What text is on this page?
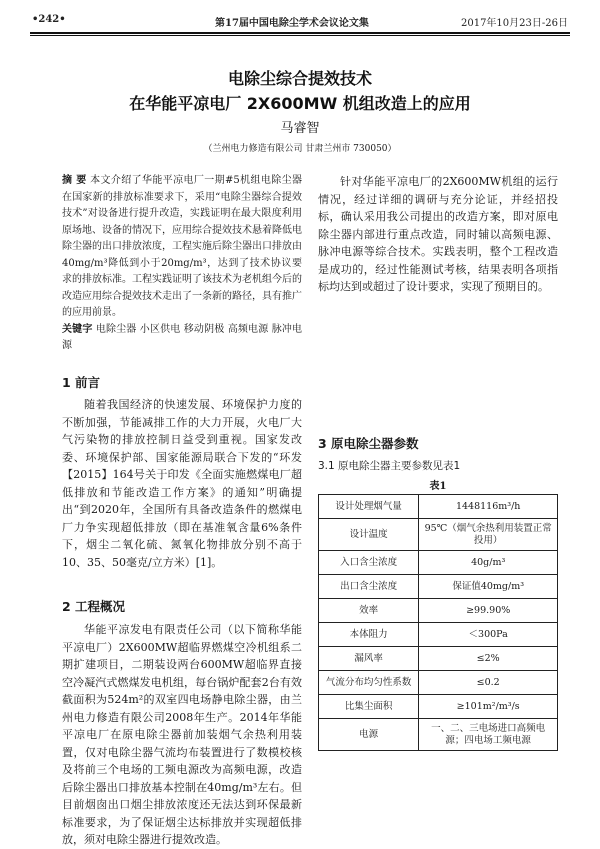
•242•	第17届中国电除尘学术会议论文集	2017年10月23日-26日
电除尘综合提效技术
在华能平凉电厂 2X600MW 机组改造上的应用
马睿智
（兰州电力修造有限公司 甘肃兰州市 730050）

摘 要 本文介绍了华能平凉电厂一期#5机组电除尘器在国家新的排放标准要求下，采用“电除尘器综合提效技术”对设备进行提升改造，实践证明在最大限度利用原场地、设备的情况下，应用综合提效技术悬着降低电除尘器的出口排放浓度，工程实施后除尘器出口排放由40mg/m³降低到小于20mg/m³，达到了技术协议要求的排放标准。工程实践证明了该技术为老机组今后的改造应用综合提效技术走出了一条新的路径，具有推广的应用前景。

关键字 电除尘器 小区供电 移动阴极 高频电源 脉冲电源

1 前言

随着我国经济的快速发展、环境保护力度的不断加强，节能减排工作的大力开展，火电厂大气污染物的排放控制日益受到重视。国家发改委、环境保护部、国家能源局联合下发的“环发【2015】164号关于印发《全面实施燃煤电厂超低排放和节能改造工作方案》的通知”明确提出“到2020年，全国所有具备改造条件的燃煤电厂力争实现超低排放（即在基准氧含量6%条件下，烟尘二氧化硫、氮氧化物排放分别不高于10、35、50毫克/立方米）[1]。

2 工程概况

华能平凉发电有限责任公司（以下简称华能平凉电厂）2X600MW超临界燃煤空冷机组系二期扩建项目，二期装设两台600MW超临界直接空冷凝汽式燃煤发电机组，每台锅炉配套2台有效截面积为524m²的双室四电场静电除尘器，由兰州电力修造有限公司2008年生产。2014年华能平凉电厂在原电除尘器前加装烟气余热利用装置，仅对电除尘器气流均布装置进行了数模校核及将前三个电场的工频电源改为高频电源，改造后除尘器出口排放基本控制在40mg/m³左右。但目前烟囱出口烟尘排放浓度还无法达到环保最新标准要求，为了保证烟尘达标排放并实现超低排放，须对电除尘器进行提效改造。

针对华能平凉电厂的2X600MW机组的运行情况，经过详细的调研与充分论证，并经招投标，确认采用我公司提出的改造方案，即对原电除尘器内部进行重点改造，同时辅以高频电源、脉冲电源等综合技术。实践表明，整个工程改造是成功的，经过性能测试考核，结果表明各项指标均达到或超过了设计要求，实现了预期目的。

3 原电除尘器参数
3.1 原电除尘器主要参数见表1
表1
设计处理烟气量	1448116m³/h
设计温度	95℃（烟气余热利用装置正常投用）
入口含尘浓度	40g/m³
出口含尘浓度	保证值40mg/m³
效率	≥99.90%
本体阻力	＜300Pa
漏风率	≤2%
气流分布均匀性系数	≤0.2
比集尘面积	≥101m²/m³/s
电源	一、二、三电场进口高频电源；四电场工频电源
